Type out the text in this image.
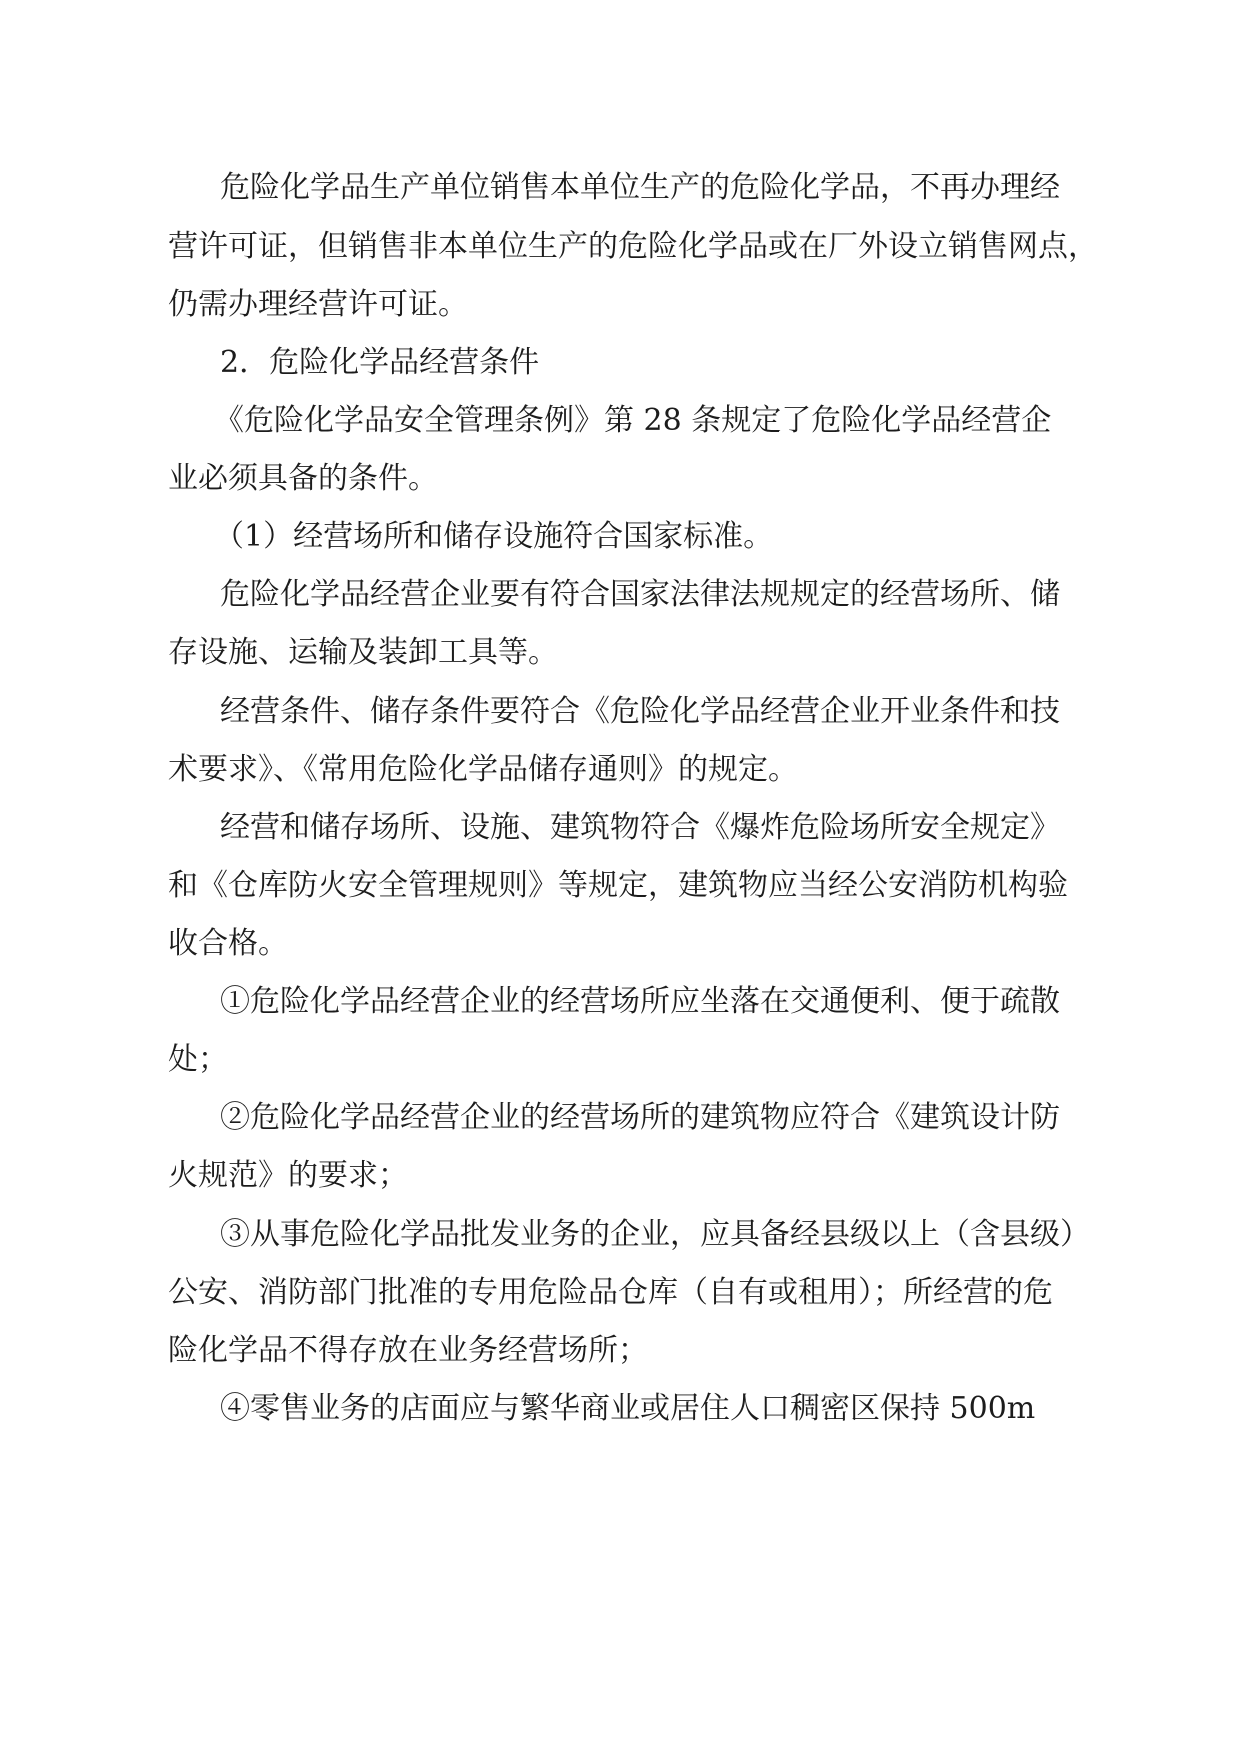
危险化学品生产单位销售本单位生产的危险化学品，不再办理经
营许可证，但销售非本单位生产的危险化学品或在厂外设立销售网点，
仍需办理经营许可证。
2．危险化学品经营条件
《危险化学品安全管理条例》第 28 条规定了危险化学品经营企
业必须具备的条件。
（1）经营场所和储存设施符合国家标准。
危险化学品经营企业要有符合国家法律法规规定的经营场所、储
存设施、运输及装卸工具等。
经营条件、储存条件要符合《危险化学品经营企业开业条件和技
术要求》、《常用危险化学品储存通则》的规定。
经营和储存场所、设施、建筑物符合《爆炸危险场所安全规定》
和《仓库防火安全管理规则》等规定，建筑物应当经公安消防机构验
收合格。
①危险化学品经营企业的经营场所应坐落在交通便利、便于疏散
处；
②危险化学品经营企业的经营场所的建筑物应符合《建筑设计防
火规范》的要求；
③从事危险化学品批发业务的企业，应具备经县级以上（含县级）
公安、消防部门批准的专用危险品仓库（自有或租用）；所经营的危
险化学品不得存放在业务经营场所；
④零售业务的店面应与繁华商业或居住人口稠密区保持 500m
